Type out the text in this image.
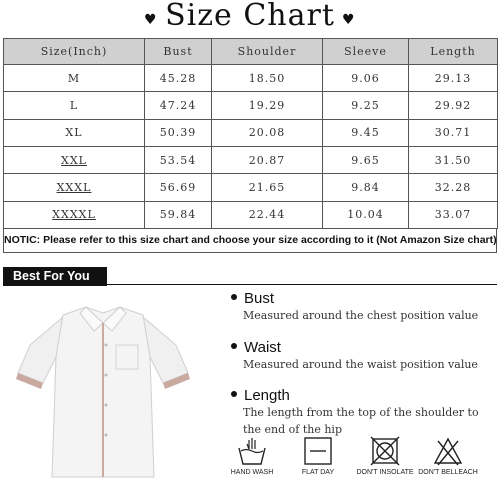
♥ Size Chart ♥
Size(Inch)	Bust	Shoulder	Sleeve	Length
M	45.28	18.50	9.06	29.13
L	47.24	19.29	9.25	29.92
XL	50.39	20.08	9.45	30.71
XXL	53.54	20.87	9.65	31.50
XXXL	56.69	21.65	9.84	32.28
XXXXL	59.84	22.44	10.04	33.07
NOTIC: Please refer to this size chart and choose your size according to it (Not Amazon Size chart)
Best For You
Bust
Measured around the chest position value
Waist
Measured around the waist position value
Length
The length from the top of the shoulder to
the end of the hip
HAND WASH	FLAT DAY	DON'T INSOLATE DON'T BELLEACH
